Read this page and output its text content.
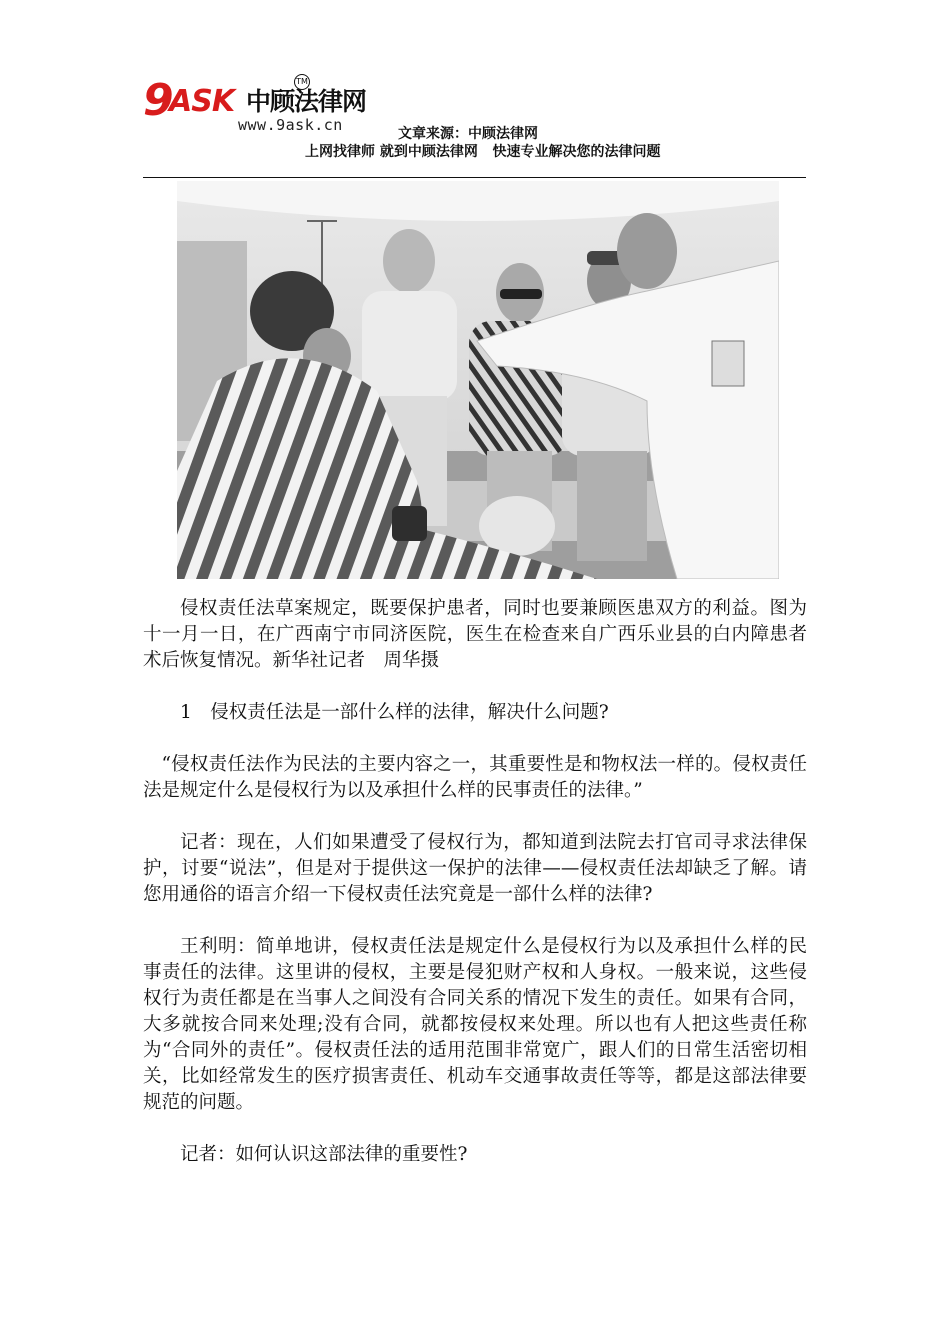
9
ASK 中顾法律网
TM
www.9ask.cn	文章来源：中顾法律网
上网找律师 就到中顾法律网   快速专业解决您的法律问题

侵权责任法草案规定，既要保护患者，同时也要兼顾医患双方的利益。图为十一月一日，在广西南宁市同济医院，医生在检查来自广西乐业县的白内障患者术后恢复情况。新华社记者　周华摄

1　侵权责任法是一部什么样的法律，解决什么问题?

“侵权责任法作为民法的主要内容之一，其重要性是和物权法一样的。侵权责任法是规定什么是侵权行为以及承担什么样的民事责任的法律。”

记者：现在，人们如果遭受了侵权行为，都知道到法院去打官司寻求法律保护，讨要“说法”，但是对于提供这一保护的法律——侵权责任法却缺乏了解。请您用通俗的语言介绍一下侵权责任法究竟是一部什么样的法律?

王利明：简单地讲，侵权责任法是规定什么是侵权行为以及承担什么样的民事责任的法律。这里讲的侵权，主要是侵犯财产权和人身权。一般来说，这些侵权行为责任都是在当事人之间没有合同关系的情况下发生的责任。如果有合同，大多就按合同来处理;没有合同，就都按侵权来处理。所以也有人把这些责任称为“合同外的责任”。侵权责任法的适用范围非常宽广，跟人们的日常生活密切相关，比如经常发生的医疗损害责任、机动车交通事故责任等等，都是这部法律要规范的问题。

记者：如何认识这部法律的重要性?
